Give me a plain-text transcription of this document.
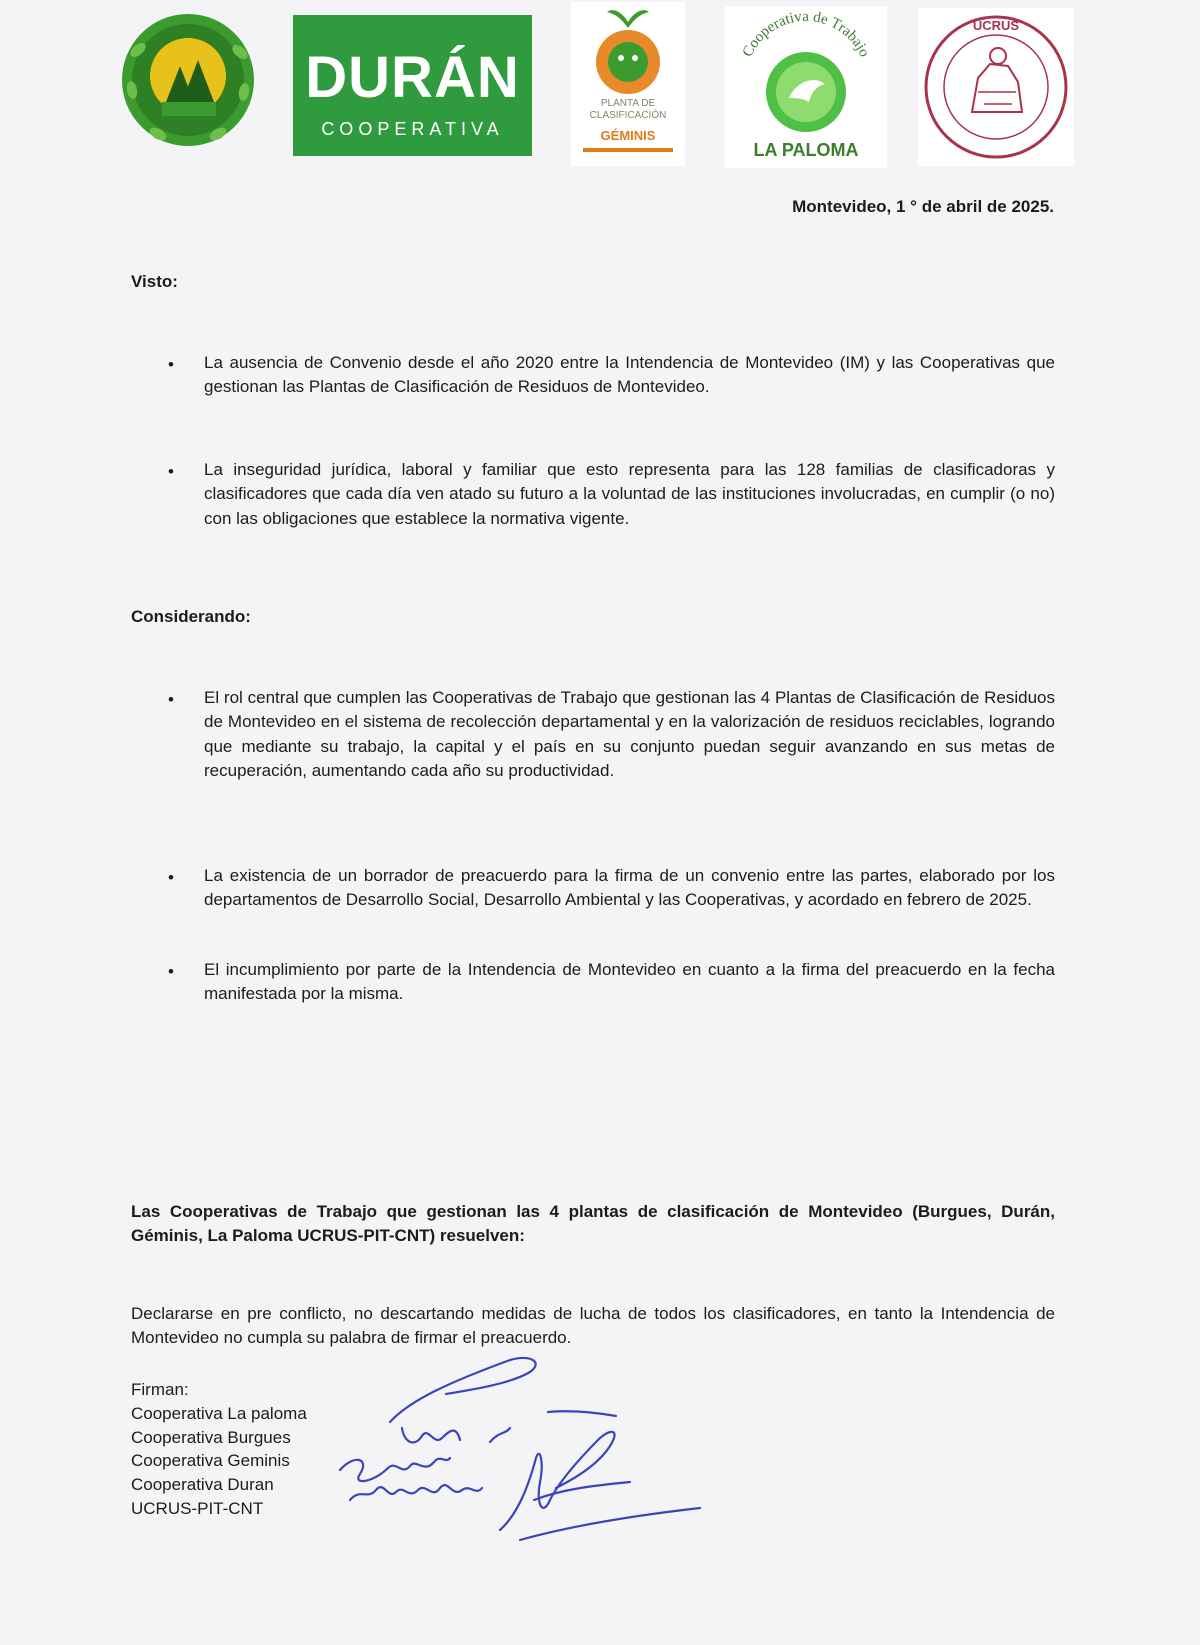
DURÁN
COOPERATIVA
PLANTA DE
CLASIFICACIÓN
GÉMINIS
Cooperativa de Trabajo
LA PALOMA
UCRUS
Montevideo, 1 ° de abril de 2025.
Visto:
• La ausencia de Convenio desde el año 2020 entre la Intendencia de Montevideo (IM) y las Cooperativas que gestionan las Plantas de Clasificación de Residuos de Montevideo.
• La inseguridad jurídica, laboral y familiar que esto representa para las 128 familias de clasificadoras y clasificadores que cada día ven atado su futuro a la voluntad de las instituciones involucradas, en cumplir (o no) con las obligaciones que establece la normativa vigente.
Considerando:
• El rol central que cumplen las Cooperativas de Trabajo que gestionan las 4 Plantas de Clasificación de Residuos de Montevideo en el sistema de recolección departamental y en la valorización de residuos reciclables, logrando que mediante su trabajo, la capital y el país en su conjunto puedan seguir avanzando en sus metas de recuperación, aumentando cada año su productividad.
• La existencia de un borrador de preacuerdo para la firma de un convenio entre las partes, elaborado por los departamentos de Desarrollo Social, Desarrollo Ambiental y las Cooperativas, y acordado en febrero de 2025.
• El incumplimiento por parte de la Intendencia de Montevideo en cuanto a la firma del preacuerdo en la fecha manifestada por la misma.
Las Cooperativas de Trabajo que gestionan las 4 plantas de clasificación de Montevideo (Burgues, Durán, Géminis, La Paloma UCRUS-PIT-CNT) resuelven:
Declararse en pre conflicto, no descartando medidas de lucha de todos los clasificadores, en tanto la Intendencia de Montevideo no cumpla su palabra de firmar el preacuerdo.
Firman:
Cooperativa La paloma
Cooperativa Burgues
Cooperativa Geminis
Cooperativa Duran
UCRUS-PIT-CNT
